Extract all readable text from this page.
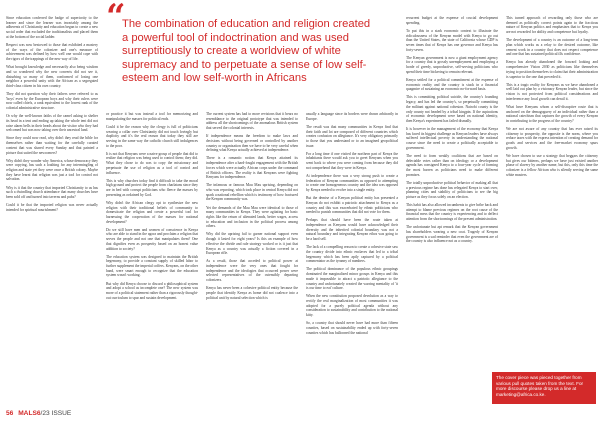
Since education conferred the badge of superiority to the learner and since the learner was invariably among the adherents of Christianity and education began to create a new social order that excluded the traditionalists and placed them at the bottom of the social ladder.

Respect was now bestowed to those that exhibited a mastery of the ways of the colonizer and one's measure of achievement was defined by how well one would cope with the rigors of the trappings of the new way of life.

What brought knowledge and necessarily also being wisdom and so wondered why the new converts did not see it, disturbing so many of them, conformed of losing one neighbor a powerful unity with the African as a segregated third-class citizen in his own country.

They did not question why their fathers were referred to as 'boys' even by the European boys and why their rulers were now called chiefs, a rank equivalent to the lowest rank of the colonial administrative structure.

Or why the well-known faiths of the camel asking to shelter its head in a tent and ending up taking the whole tent did not raise alarm bells in their heads about the visitor who they had welcomed but was now taking over their ancestral land.

Since they could now read, why didn't they read the bible for themselves rather than waiting for the carefully curated content that was shared every Sunday and that painted a picture that suited the newcomers?

Why didn't they wonder why America, whose democracy they were copying, has such a loathing for any intermingling of religion and state yet they were once a British colony. Maybe they have learnt that religion was just a tool for control not salvation.

Why is it that the country that imported Christianity to us has such a dwindling church attendance that many churches have been sold off and turned into taverns and pubs?

Could it be that the imported religion was never actually intended for spiritual nourishment?

or practice it but was instead a tool for memorizing and manipulating the masses for political ends.

Could it be the reason why the clergy is full of politicians wearing a collar over Christianity did not touch lovingly but duplicity and it's the real reason that today they still are serving in the same way the catholic church still indulgences to the poor.

It is not that Kenyans were a naive group of people that did to realize that religion was being used to control them; they did. What they chose to do was to copy the missionary and perpetuate the use of religion as a tool of control and influence.

This is why churches today find it difficult to take the moral high ground and protect the people from charlatans since they are in bed with corrupt politicians who fleece the masses by presenting as ordained by God.

Why didn't the African clergy opt to synthesize the new religion with their traditional beliefs of community to domesticate the religion and create a powerful tool for harnessing the cooperation of the masses for national development?

Do we still have men and women of conscience in Kenya who are able to stand in the agora and proclaim a religion that serves the people and not one that manipulates them? One that dignifies even as prosperity based on an honest value addition to society?

The education system was designed to maintain the British hegemony, to provide a constant supply of skilled labor to further supplement the imperial coffers. Kenyans, on the other hand, were smart enough to recognize that the education system wasn't working.

But why did Kenya choose to discard a philosophical system and adopt a school as incomplete one? The new system was more of a political statement rather than a rigorously thought-out curriculum to spur and sustain development.

The current system has had to more revisions that it bears no resemblance to the original prototype that was intended to address all the shortcomings of the anomalous British system that served the colonial interests.

If independence means the freedom to make laws and decisions without being governed or controlled by another country or organization then we have to be very careful when defining what Kenya actually achieved at independence.

There is a romantic notion that Kenya attained its independence after a hard-fought engagement with the British forces which were actually African corps under the command of British officers. The reality is that Kenyans were fighting Kenyans for independence.

The infamous or famous Mau Mau uprising, depending on who was reporting, which took place in central Kenya did not spark a national rebellion which is testimony of how fractured the Kenyan community was.

Yet the demands of the Mau Mau were identical to those of many communities in Kenya. They were agitating for basic rights like the return of alienated lands, better wages, access to education and inclusion in the political process among others.

Why did the uprising fail to garner national support even though it lasted for eight years? Is this an example of how effective the divide and rule strategy worked or is it just that Kenya as a country was actually a fiction covered in a European rifle.

As a result, those that acceded to political power at independence were the very ones that fought for independence and the ideologies that occurred power were selected representatives of the ostensibly departing colonizers.

Kenya has never been a cohesive political entity because the people that identify Kenya as home did not coalesce into a political unit by natural selection which is

usually a language since its borders were drawn arbitrarily in Europe.

The result was that many communities in Kenya find that their faith and lot are composed of different countries which creates confusion on allegiance. It's very obligatory primarily to those that you understand or to an imagined geopolitical issue.

For a long time if one visited the northern part of Kenya the inhabitants there would ask you to greet Kenyans when you went back to where you were coming from because they did not comprehend that they were in Kenya.

At independence there was a very strong push to create a federation of Kenyan communities as opposed to attempting to create one homogeneous country and the idea was opposed by Kenya needed to evolve into a single entity.

But the demise of a Kenyan political entity has presented a Kenyan do not exhibit a patriotic attachment to Kenya as a country and this was exacerbated by ethnic politicians who needed to punish communities that did not vote for them.

Perhaps that should have been the route taken at independence as Kenyans would have acknowledged their diversity and the inherited colonial boundary was not a natural boundary and integrating Kenyan ethos was going to be a hard sell.

The lack of a compelling reason to create a cohesive state saw the country divide into ethnic enclaves that led to a tribal hegemony which has been aptly captured by a political commentator as the tyranny of numbers.

The political dominance of the populous ethnic groupings dominated the marginalized minor groups in Kenya and this made it impossible to attract a patriotic allegiance to the country and unfortunately created the warring mentality of 'it is our time to eat' culture.

When the new constitution proposed devolution as a way to rectify the real marginalization of most communities it was adopted for a purely political agenda without any consideration to sustainability and contribution to the national kitty.

So, a country that should never have had more than fifteen counties, based on sustainability ended up with forty-seven counties which has ballooned the national

recurrent budget at the expense of crucial development spending.

To put this in a stark economic context to illustrate the ridiculousness of the Kenyan model with Kenya to go out than the United States, the state of California whose GDP is seven times that of Kenya has one governor and Kenya has forty-seven.

The Kenyan government is now a giant employment agency for a country that is grossly unemployment and employing a horde of greedy, unproductive, self-serving politicians who spend their time bickering to remain relevant.

Kenya settled for a political commitment at the expense of economic reality and the country is stuck in a financial quagmire of sustaining an economic no-forward basis.

This is committing political suicide, the country's founding legacy, and has led the country's, so perpetually committing the militant against national cohesion. Nairobi county is the only county not headed by a tribal kingpin. If the aspirations of economic development were based on national identity, then Kenya's experiment has failed dismally.

It is however in the management of the economy that Kenya has faced its biggest challenge as Kenyan leaders have always suffered intellectual poverty in understanding the national course since the need to create a politically acceptable to government.

The need to form weakly coalitions that are based on delectable votes rather than on ideology or a development agenda has consigned Kenya to a four-year cycle of forming the most barren as politicians need to make different promises.

The totally unproductive political behavior of making all that a previous regime has done has relegated Kenya to start over, planning cities and stability of politicians to see the big picture as they focus solely on an election.

This habit has also allowed incumbents to give bribe back and attempt to blame previous regimes on the root cause of the financial mess that the country is experiencing and to deflect attention from the shortcomings of the present administration.

The unfortunate but apt remark that the Kenyan government has shareholders wearing a new coat. Tragedy of Kenyan government is a sad reminder that even the government are of the country is also influence not as a country.

This turned approach of rewarding only those who are deemed as politically correct points again to the fractious nature of Kenyan politics and emphasizes that to Kenya you are not rewarded for ability and competence but loyalty.

The development of a country is an outcome of a long-term plan which works as a relay to the desired outcome, like cement work in a country that does not respect competence and one that has sustained political ills confidence.

Kenya has already abandoned the forward looking and comprehensive Vision 2030 as politicians like themselves trying to position themselves to claim that their administration is superior to the one that preceded it.

This is a tragic reality for Kenyans as we have abandoned a well laid out plan by a visionary Kenyan leader, but since the vision is not protected from political considerations and interference any local growth can derail it.

What have Kenyans whom a self-disruptive route that is anchored on the demagoguery of an individual rather than a national catechism that captures the growth of every Kenyan in contributing to the progress of the country?

We are not aware of any country that has ever raised its citizenry to prosperity, the opposite is the norm, where you reduce taxes with the express intention of creating demand for goods and services and the free-market economy spurs growth.

We have chosen to use a strategy that beggars the citizenry but gives our bitterns, perhaps we have just existed another phase of slavery by another name, but this, only this time the colonizer is a fellow African who is silently serving the same white masters.

“
The combination of education and religion created a powerful tool of indoctrination and was used surreptitiously to create a worldview of white supremacy and to perpetuate a sense of low self-esteem and low self-worth in Africans
The cover piece was pieced together from various pull quotes taken from the text. For more discourse please drop us a line at marketing@africa.co.ke.
56 MALS6/23 ISSUE
